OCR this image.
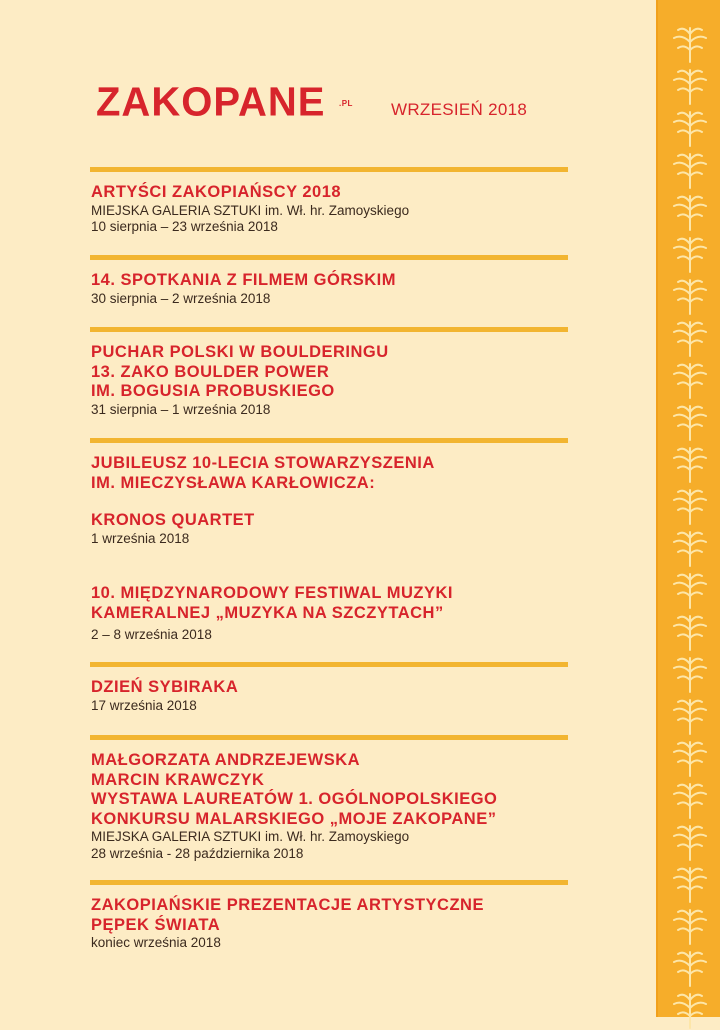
ZAKOPANE .PL WRZESIEŃ 2018
ARTYŚCI ZAKOPIAŃSCY 2018
MIEJSKA GALERIA SZTUKI im. Wł. hr. Zamoyskiego
10 sierpnia – 23 września 2018
14. SPOTKANIA Z FILMEM GÓRSKIM
30 sierpnia – 2 września 2018
PUCHAR POLSKI W BOULDERINGU
13. ZAKO BOULDER POWER
IM. BOGUSIA PROBUSKIEGO
31 sierpnia – 1 września 2018
JUBILEUSZ 10-LECIA STOWARZYSZENIA
IM. MIECZYSŁAWA KARŁOWICZA:
KRONOS QUARTET
1 września 2018
10. MIĘDZYNARODOWY FESTIWAL MUZYKI
KAMERALNEJ „MUZYKA NA SZCZYTACH”
2 – 8 września 2018
DZIEŃ SYBIRAKA
17 września 2018
MAŁGORZATA ANDRZEJEWSKA
MARCIN KRAWCZYK
WYSTAWA LAUREATÓW 1. OGÓLNOPOLSKIEGO
KONKURSU MALARSKIEGO „MOJE ZAKOPANE”
MIEJSKA GALERIA SZTUKI im. Wł. hr. Zamoyskiego
28 września - 28 października 2018
ZAKOPIAŃSKIE PREZENTACJE ARTYSTYCZNE
PĘPEK ŚWIATA
koniec września 2018
